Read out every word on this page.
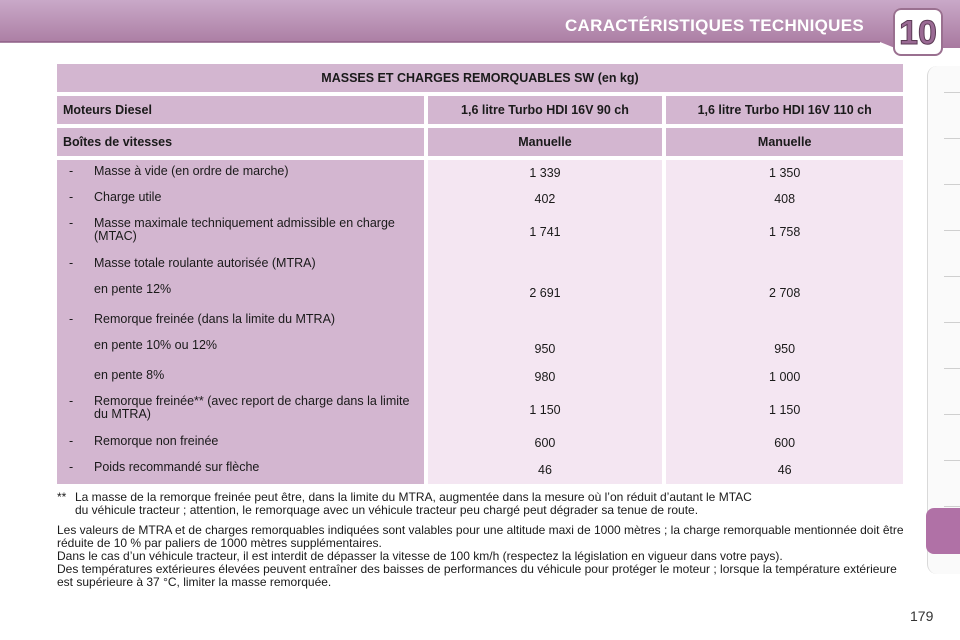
CARACTÉRISTIQUES TECHNIQUES 10
MASSES ET CHARGES REMORQUABLES SW (en kg)		

Moteurs Diesel	1,6 litre Turbo HDI 16V 90 ch	1,6 litre Turbo HDI 16V 110 ch

Boîtes de vitesses	Manuelle	Manuelle

- Masse à vide (en ordre de marche)	1 339	1 350

- Charge utile	402	408

- Masse maximale techniquement admissible en charge (MTAC)	1 741	1 758

- Masse totale roulante autorisée (MTRA)		

en pente 12%	2 691	2 708

- Remorque freinée (dans la limite du MTRA)		

en pente 10% ou 12%	950	950

en pente 8%	980	1 000

- Remorque freinée** (avec report de charge dans la limite du MTRA)	1 150	1 150

- Remorque non freinée	600	600

- Poids recommandé sur flèche	46	46
** La masse de la remorque freinée peut être, dans la limite du MTRA, augmentée dans la mesure où l’on réduit d’autant le MTAC
du véhicule tracteur ; attention, le remorquage avec un véhicule tracteur peu chargé peut dégrader sa tenue de route.
Les valeurs de MTRA et de charges remorquables indiquées sont valables pour une altitude maxi de 1000 mètres ; la charge remorquable mentionnée doit être réduite de 10 % par paliers de 1000 mètres supplémentaires.
Dans le cas d’un véhicule tracteur, il est interdit de dépasser la vitesse de 100 km/h (respectez la législation en vigueur dans votre pays).
Des températures extérieures élevées peuvent entraîner des baisses de performances du véhicule pour protéger le moteur ; lorsque la température extérieure est supérieure à 37 °C, limiter la masse remorquée.
179
